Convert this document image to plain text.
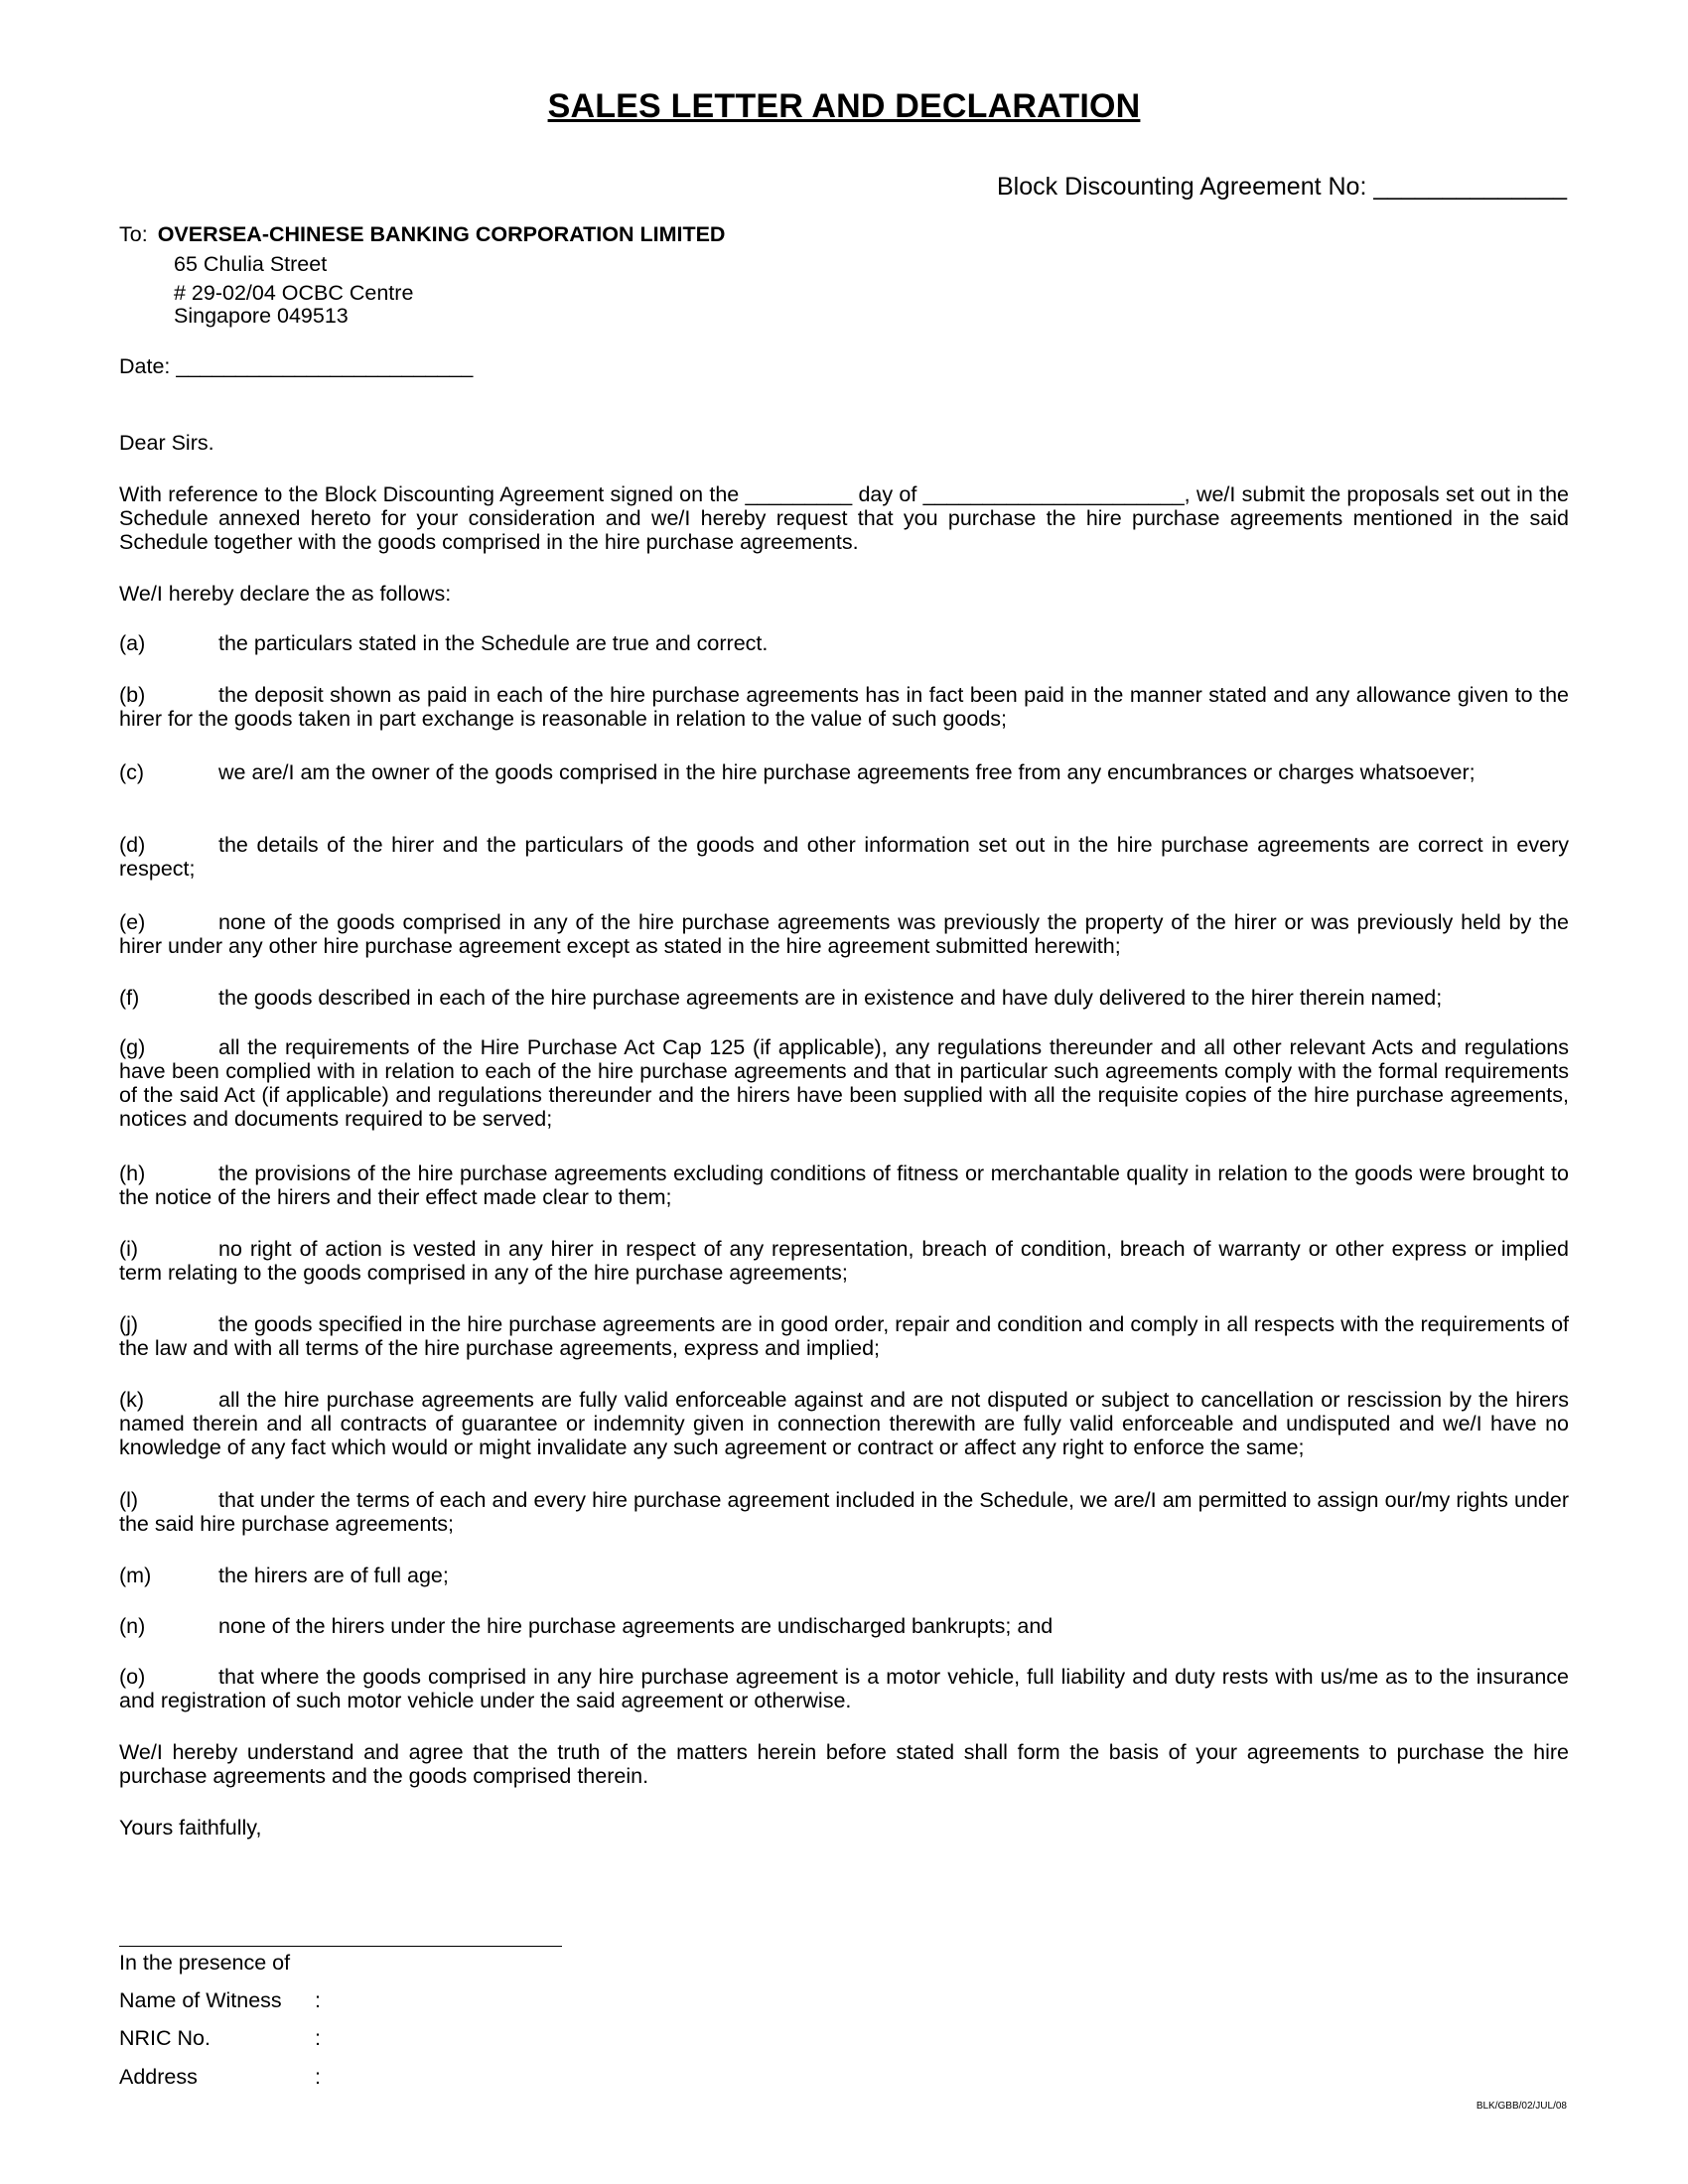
SALES LETTER AND DECLARATION
Block Discounting Agreement No: ______________
To: OVERSEA-CHINESE BANKING CORPORATION LIMITED
65 Chulia Street
# 29-02/04 OCBC Centre
Singapore 049513
Date: _________________________
Dear Sirs.
With reference to the Block Discounting Agreement signed on the _________ day of ______________________, we/I submit the proposals set out in the Schedule annexed hereto for your consideration and we/I hereby request that you purchase the hire purchase agreements mentioned in the said Schedule together with the goods comprised in the hire purchase agreements.
We/I hereby declare the as follows:
(a)	the particulars stated in the Schedule are true and correct.
(b)	the deposit shown as paid in each of the hire purchase agreements has in fact been paid in the manner stated and any allowance given to the hirer for the goods taken in part exchange is reasonable in relation to the value of such goods;
(c)	we are/I am the owner of the goods comprised in the hire purchase agreements free from any encumbrances or charges whatsoever;
(d)	the details of the hirer and the particulars of the goods and other information set out in the hire purchase agreements are correct in every respect;
(e)	none of the goods comprised in any of the hire purchase agreements was previously the property of the hirer or was previously held by the hirer under any other hire purchase agreement except as stated in the hire agreement submitted herewith;
(f)	the goods described in each of the hire purchase agreements are in existence and have duly delivered to the hirer therein named;
(g)	all the requirements of the Hire Purchase Act Cap 125 (if applicable), any regulations thereunder and all other relevant Acts and regulations have been complied with in relation to each of the hire purchase agreements and that in particular such agreements comply with the formal requirements of the said Act (if applicable) and regulations thereunder and the hirers have been supplied with all the requisite copies of the hire purchase agreements, notices and documents required to be served;
(h)	the provisions of the hire purchase agreements excluding conditions of fitness or merchantable quality in relation to the goods were brought to the notice of the hirers and their effect made clear to them;
(i)	no right of action is vested in any hirer in respect of any representation, breach of condition, breach of warranty or other express or implied term relating to the goods comprised in any of the hire purchase agreements;
(j)	the goods specified in the hire purchase agreements are in good order, repair and condition and comply in all respects with the requirements of the law and with all terms of the hire purchase agreements, express and implied;
(k)	all the hire purchase agreements are fully valid enforceable against and are not disputed or subject to cancellation or rescission by the hirers named therein and all contracts of guarantee or indemnity given in connection therewith are fully valid enforceable and undisputed and we/I have no knowledge of any fact which would or might invalidate any such agreement or contract or affect any right to enforce the same;
(l)	that under the terms of each and every hire purchase agreement included in the Schedule, we are/I am permitted to assign our/my rights under the said hire purchase agreements;
(m)	the hirers are of full age;
(n)	none of the hirers under the hire purchase agreements are undischarged bankrupts; and
(o)	that where the goods comprised in any hire purchase agreement is a motor vehicle, full liability and duty rests with us/me as to the insurance and registration of such motor vehicle under the said agreement or otherwise.
We/I hereby understand and agree that the truth of the matters herein before stated shall form the basis of your agreements to purchase the hire purchase agreements and the goods comprised therein.
Yours faithfully,
In the presence of
Name of Witness :
NRIC No.	:
Address	:
BLK/GBB/02/JUL/08
